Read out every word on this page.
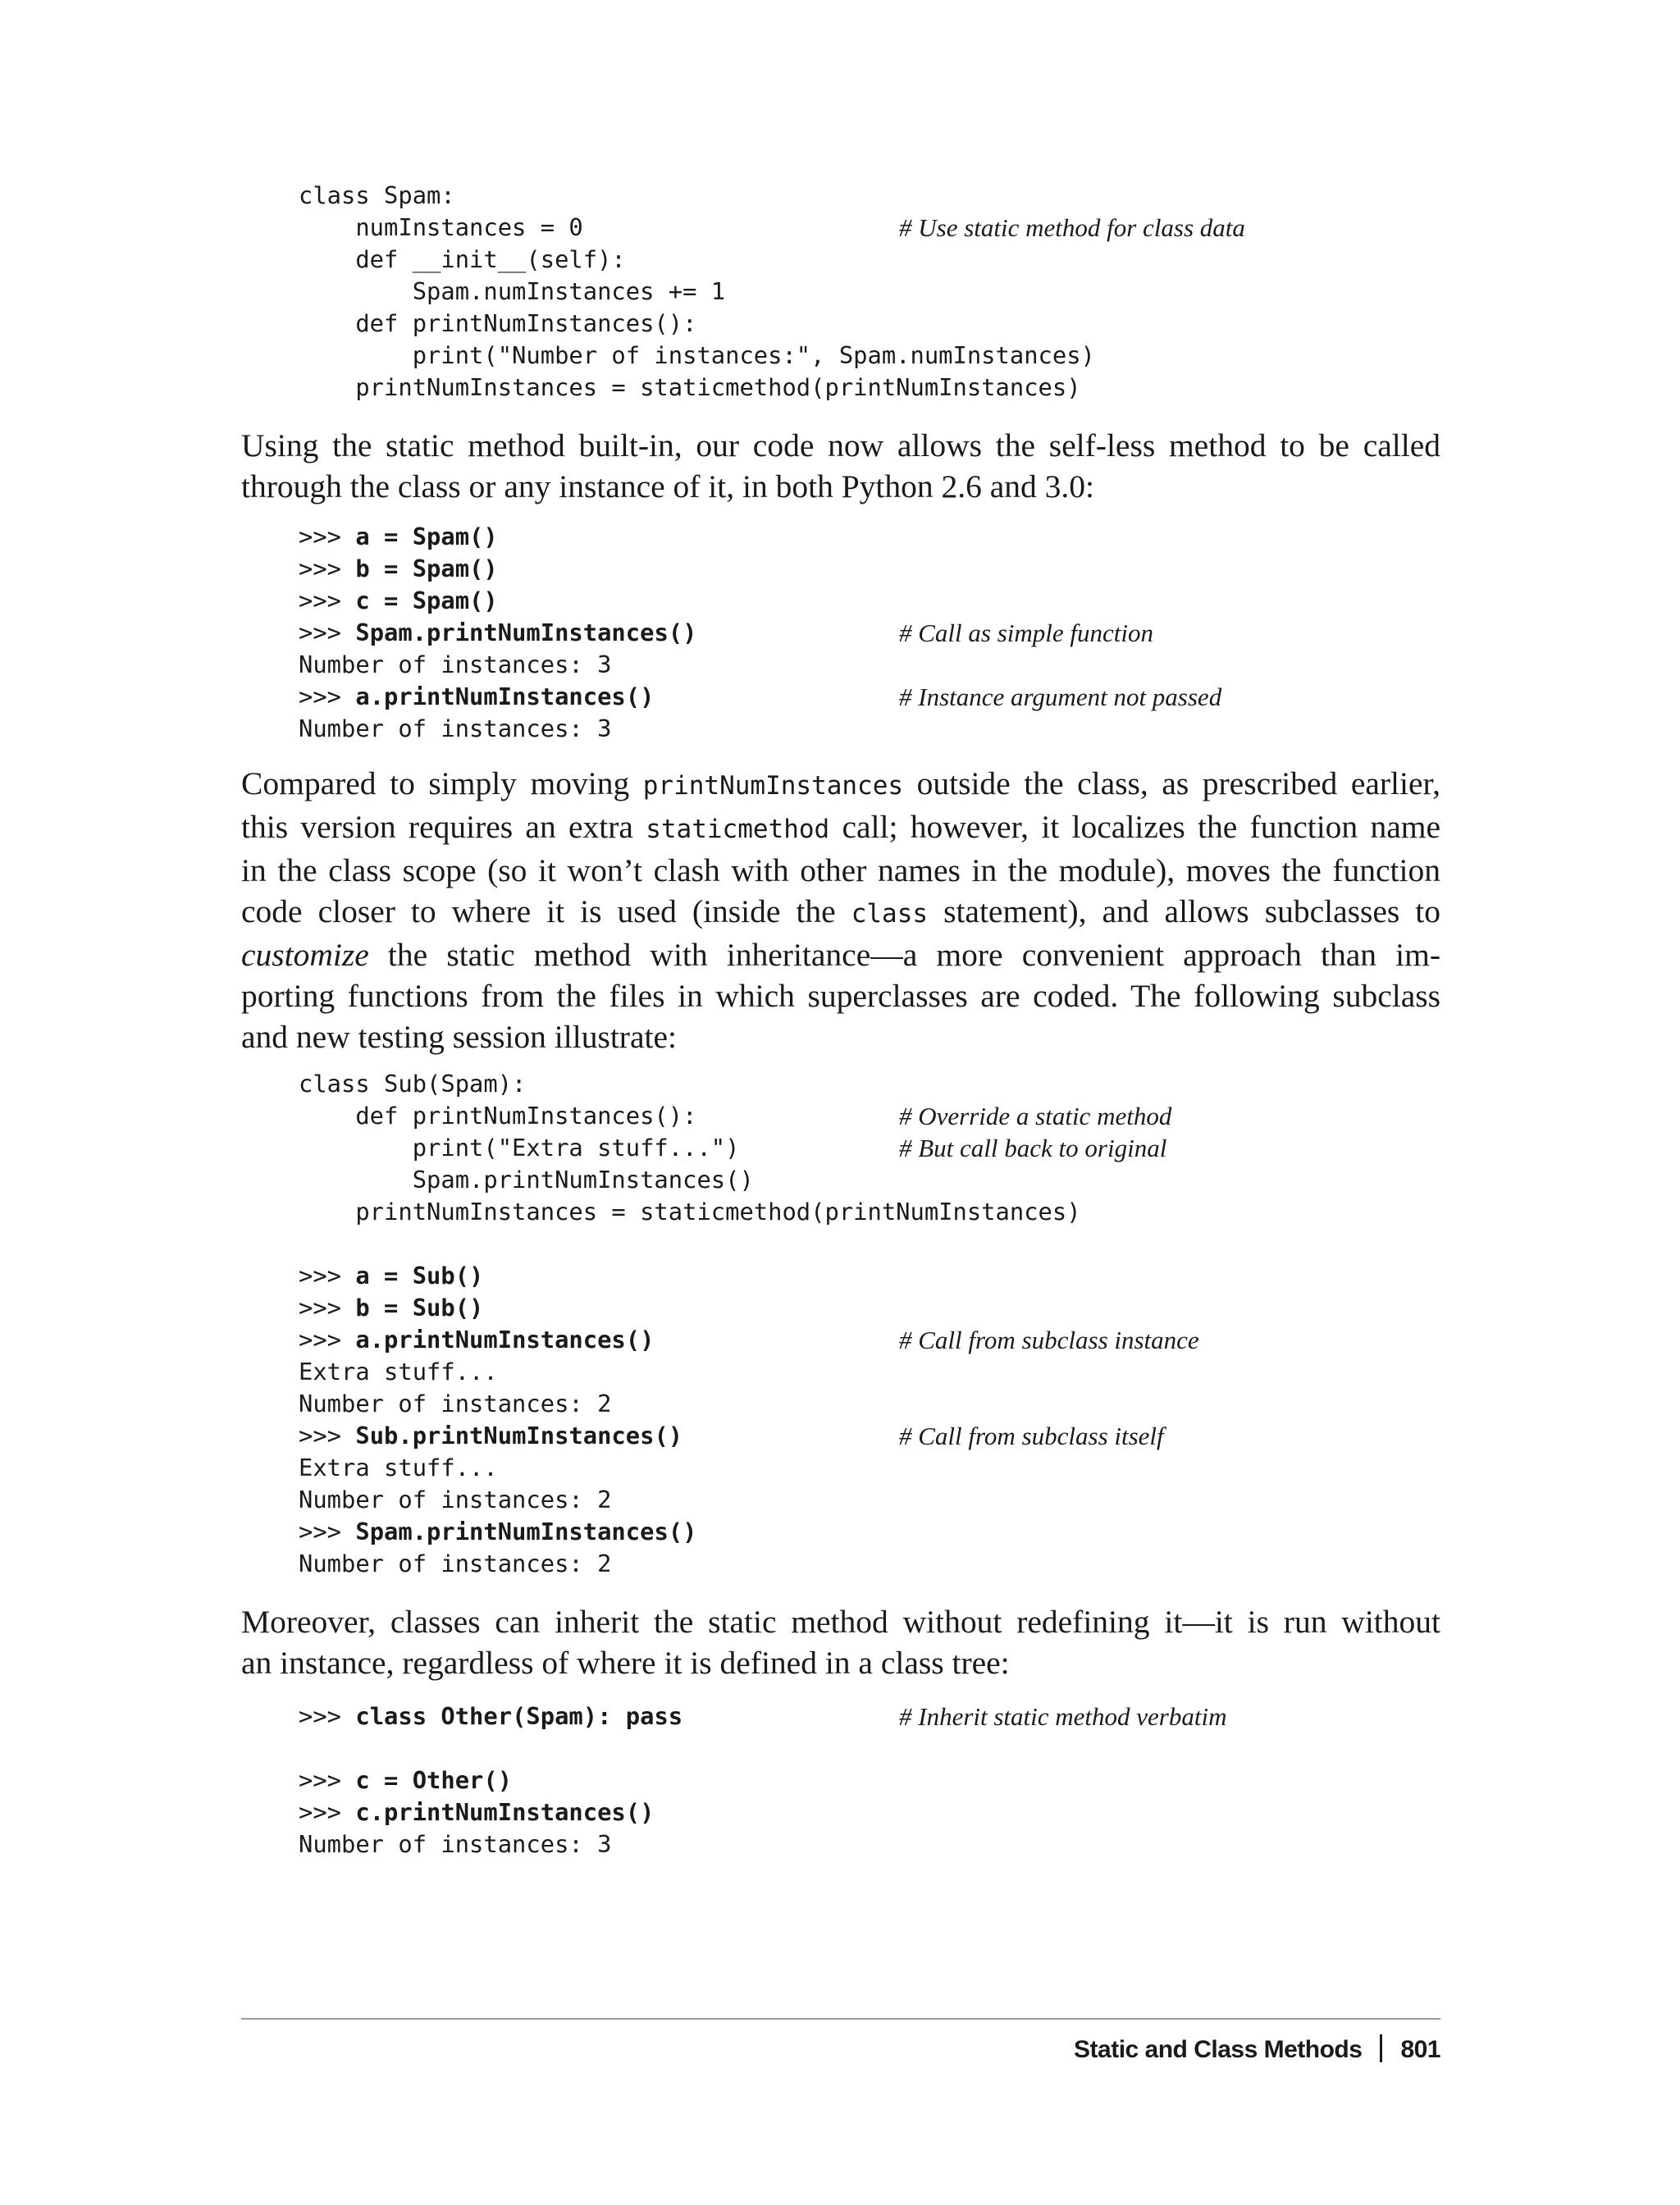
class Spam:
numInstances = 0	# Use static method for class data
def __init__(self):
Spam.numInstances += 1
def printNumInstances():
print("Number of instances:", Spam.numInstances)
printNumInstances = staticmethod(printNumInstances)
Using the static method built-in, our code now allows the self-less method to be called
through the class or any instance of it, in both Python 2.6 and 3.0:
>>> a = Spam()
>>> b = Spam()
>>> c = Spam()
>>> Spam.printNumInstances()	# Call as simple function
Number of instances: 3
>>> a.printNumInstances()	# Instance argument not passed
Number of instances: 3
Compared to simply moving printNumInstances outside the class, as prescribed earlier,
this version requires an extra staticmethod call; however, it localizes the function name
in the class scope (so it won’t clash with other names in the module), moves the function
code closer to where it is used (inside the class statement), and allows subclasses to
customize the static method with inheritance—a more convenient approach than im-
porting functions from the files in which superclasses are coded. The following subclass
and new testing session illustrate:
class Sub(Spam):
def printNumInstances():	# Override a static method
print("Extra stuff...")	# But call back to original
Spam.printNumInstances()
printNumInstances = staticmethod(printNumInstances)
>>> a = Sub()
>>> b = Sub()
>>> a.printNumInstances()	# Call from subclass instance
Extra stuff...
Number of instances: 2
>>> Sub.printNumInstances()	# Call from subclass itself
Extra stuff...
Number of instances: 2
>>> Spam.printNumInstances()
Number of instances: 2
Moreover, classes can inherit the static method without redefining it—it is run without
an instance, regardless of where it is defined in a class tree:
>>> class Other(Spam): pass	# Inherit static method verbatim
>>> c = Other()
>>> c.printNumInstances()
Number of instances: 3
Static and Class Methods 801
